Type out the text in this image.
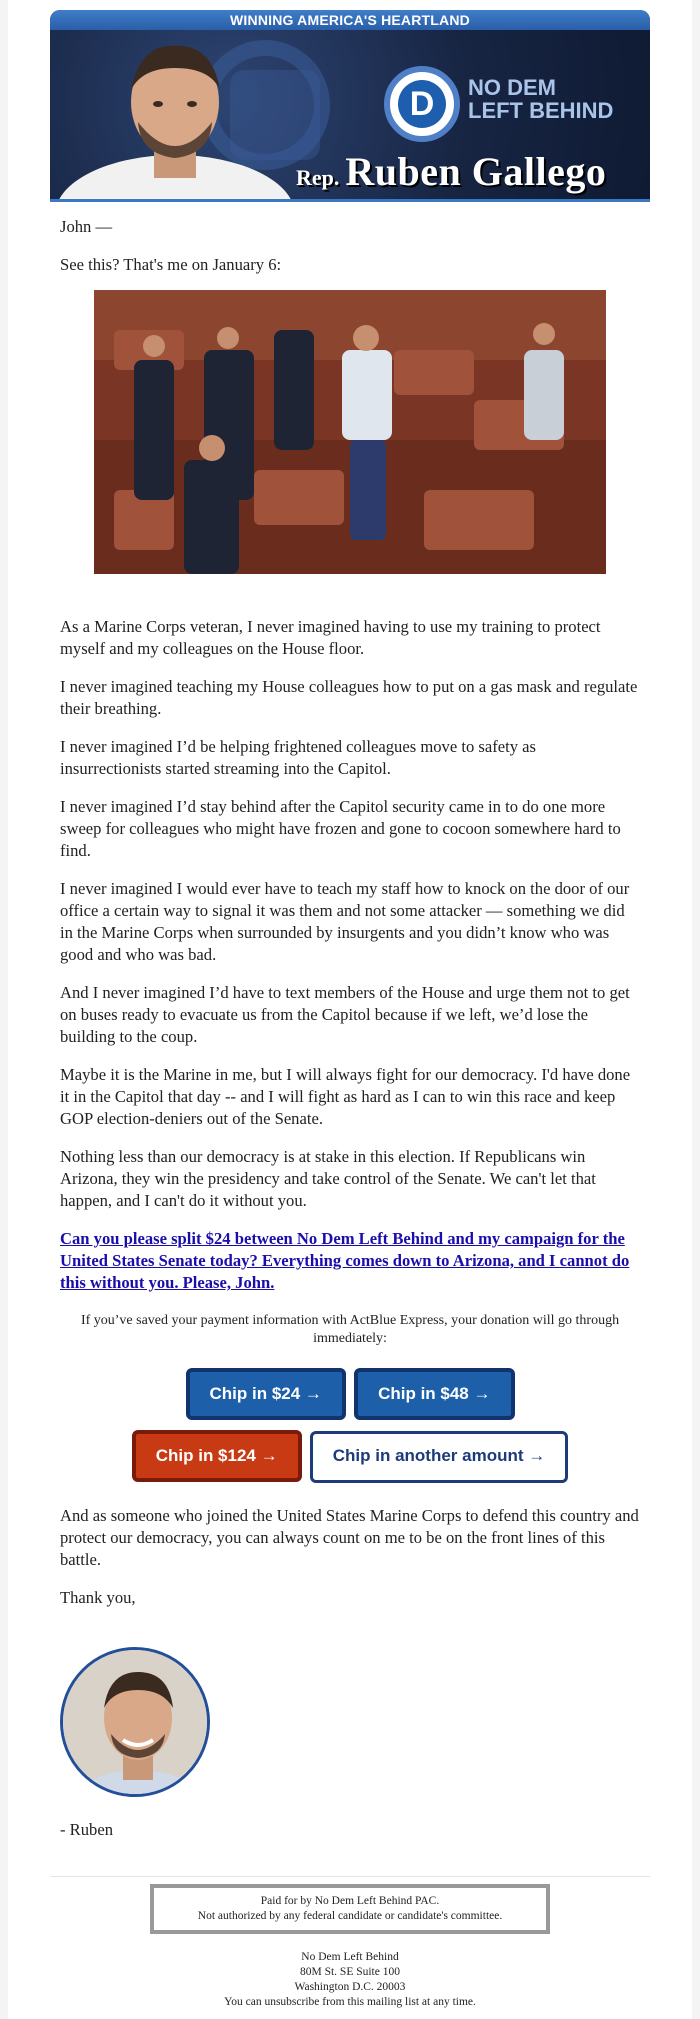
WINNING AMERICA'S HEARTLAND
D	NO DEM
LEFT BEHIND
Rep. Ruben Gallego

John —

See this? That's me on January 6:

As a Marine Corps veteran, I never imagined having to use my training to protect myself and my colleagues on the House floor.

I never imagined teaching my House colleagues how to put on a gas mask and regulate their breathing.

I never imagined I’d be helping frightened colleagues move to safety as insurrectionists started streaming into the Capitol.

I never imagined I’d stay behind after the Capitol security came in to do one more sweep for colleagues who might have frozen and gone to cocoon somewhere hard to find.

I never imagined I would ever have to teach my staff how to knock on the door of our office a certain way to signal it was them and not some attacker — something we did in the Marine Corps when surrounded by insurgents and you didn’t know who was good and who was bad.

And I never imagined I’d have to text members of the House and urge them not to get on buses ready to evacuate us from the Capitol because if we left, we’d lose the building to the coup.

Maybe it is the Marine in me, but I will always fight for our democracy. I'd have done it in the Capitol that day -- and I will fight as hard as I can to win this race and keep GOP election-deniers out of the Senate.

Nothing less than our democracy is at stake in this election. If Republicans win Arizona, they win the presidency and take control of the Senate. We can't let that happen, and I can't do it without you.

Can you please split $24 between No Dem Left Behind and my campaign for the United States Senate today? Everything comes down to Arizona, and I cannot do this without you. Please, John.
If you’ve saved your payment information with ActBlue Express, your donation will go through immediately:
Chip in $24 →	Chip in $48 →
Chip in $124 →	Chip in another amount →

And as someone who joined the United States Marine Corps to defend this country and protect our democracy, you can always count on me to be on the front lines of this battle.

Thank you,

- Ruben

Paid for by No Dem Left Behind PAC.
Not authorized by any federal candidate or candidate's committee.
No Dem Left Behind
80M St. SE Suite 100
Washington D.C. 20003
You can unsubscribe from this mailing list at any time.
